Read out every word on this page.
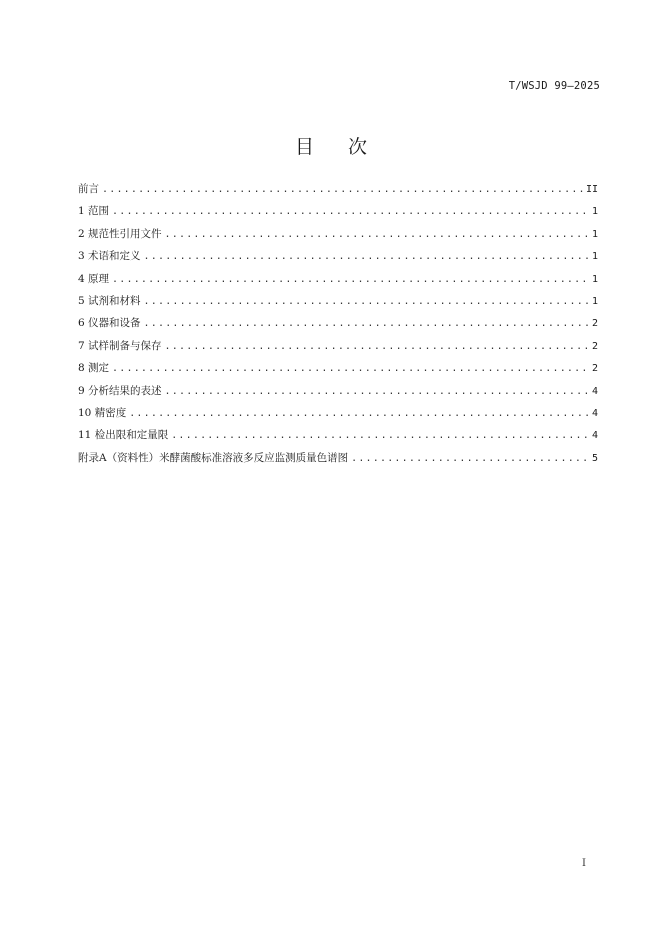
T/WSJD 99—2025
目次
前言 .....	II
1 范围 .....	1
2 规范性引用文件 .....	1
3 术语和定义 .....	1
4 原理 .....	1
5 试剂和材料 .....	1
6 仪器和设备 .....	2
7 试样制备与保存 .....	2
8 测定 .....	2
9 分析结果的表述 .....	4
10 精密度 .....	4
11 检出限和定量限 .....	4
附录A（资料性）米酵菌酸标准溶液多反应监测质量色谱图 .....	5
I
